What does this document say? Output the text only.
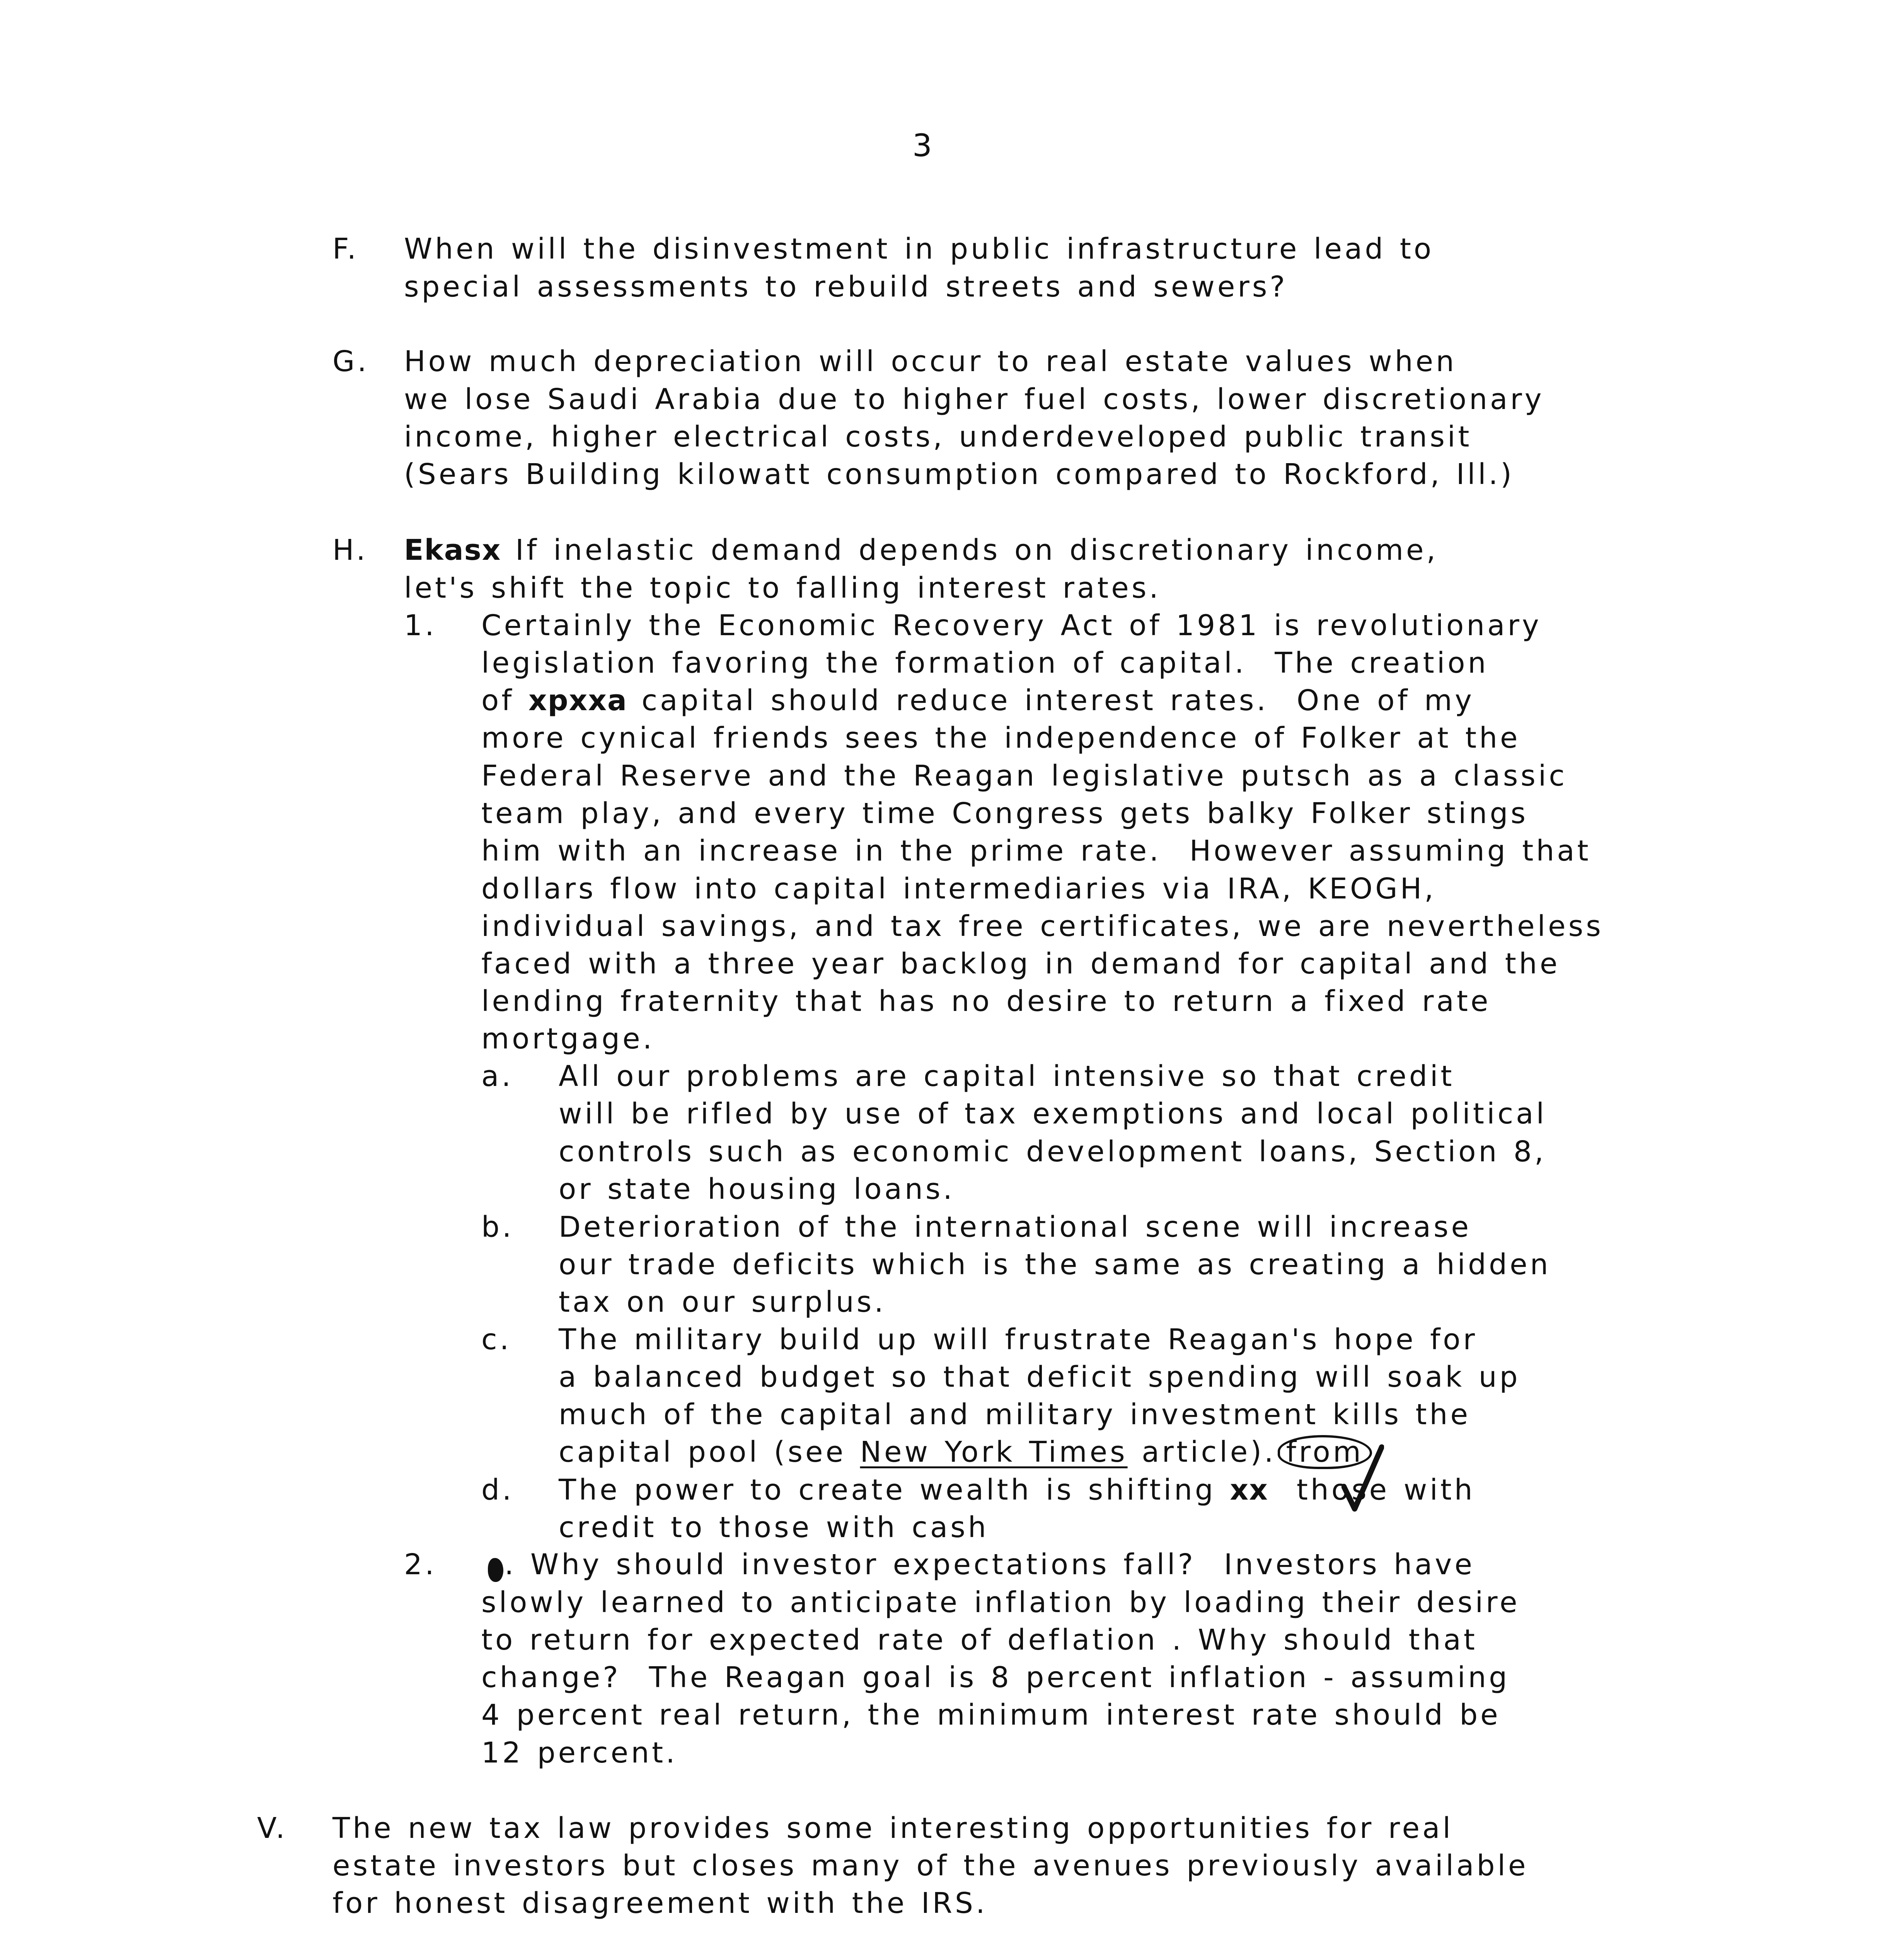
3
F. When will the disinvestment in public infrastructure lead to
special assessments to rebuild streets and sewers?
G. How much depreciation will occur to real estate values when
we lose Saudi Arabia due to higher fuel costs, lower discretionary
income, higher electrical costs, underdeveloped public transit
(Sears Building kilowatt consumption compared to Rockford, Ill.)
H. Ekasx If inelastic demand depends on discretionary income,
let's shift the topic to falling interest rates.
1. Certainly the Economic Recovery Act of 1981 is revolutionary
legislation favoring the formation of capital.  The creation
of xpxxa capital should reduce interest rates.  One of my
more cynical friends sees the independence of Folker at the
Federal Reserve and the Reagan legislative putsch as a classic
team play, and every time Congress gets balky Folker stings
him with an increase in the prime rate.  However assuming that
dollars flow into capital intermediaries via IRA, KEOGH,
individual savings, and tax free certificates, we are nevertheless
faced with a three year backlog in demand for capital and the
lending fraternity that has no desire to return a fixed rate
mortgage.
a. All our problems are capital intensive so that credit
will be rifled by use of tax exemptions and local political
controls such as economic development loans, Section 8,
or state housing loans.
b. Deterioration of the international scene will increase
our trade deficits which is the same as creating a hidden
tax on our surplus.
c. The military build up will frustrate Reagan's hope for
a balanced budget so that deficit spending will soak up
much of the capital and military investment kills the
capital pool (see New York Times article). from
d. The power to create wealth is shifting xx those with
credit to those with cash
2. . Why should investor expectations fall?  Investors have
slowly learned to anticipate inflation by loading their desire
to return for expected rate of deflation . Why should that
change?  The Reagan goal is 8 percent inflation - assuming
4 percent real return, the minimum interest rate should be
12 percent.
V. The new tax law provides some interesting opportunities for real
estate investors but closes many of the avenues previously available
for honest disagreement with the IRS.
